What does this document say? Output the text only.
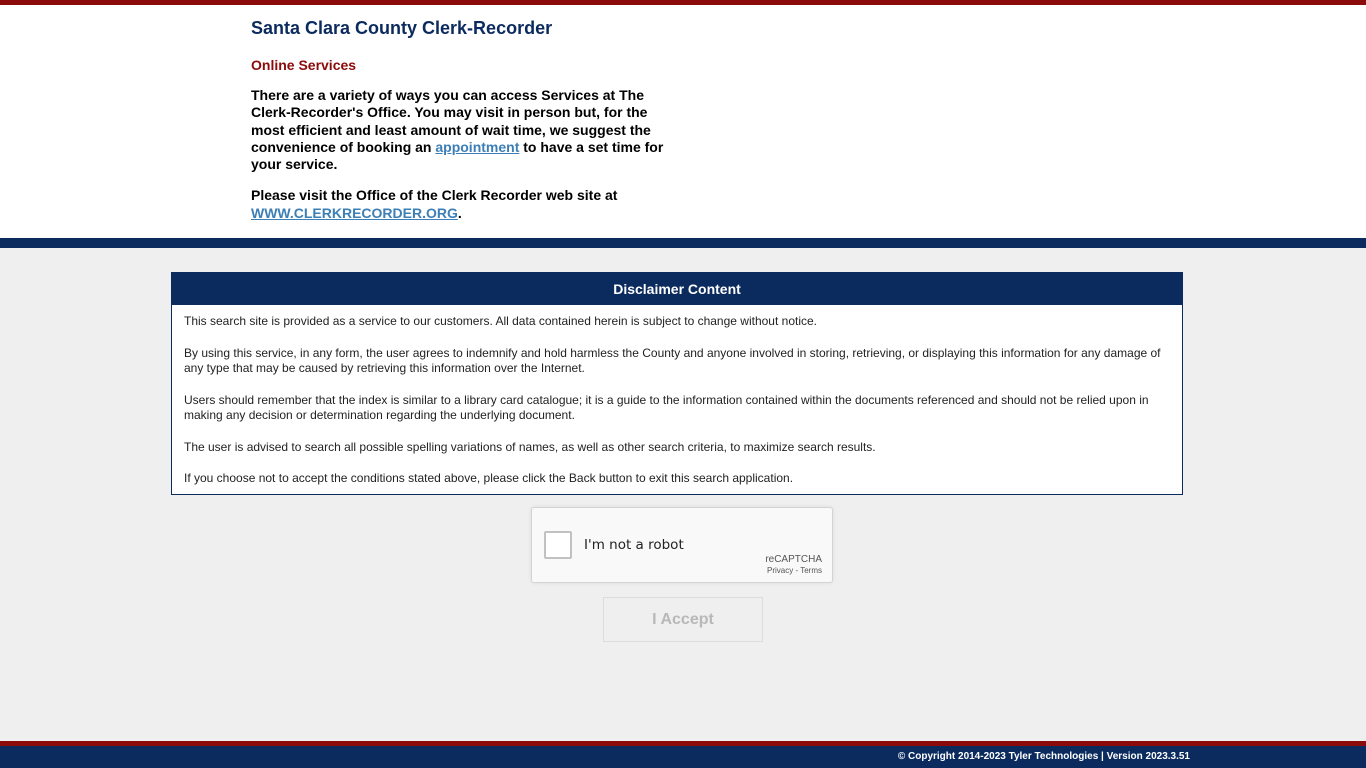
Santa Clara County Clerk-Recorder
Online Services
There are a variety of ways you can access Services at The Clerk-Recorder's Office. You may visit in person but, for the most efficient and least amount of wait time, we suggest the convenience of booking an appointment to have a set time for your service.
Please visit the Office of the Clerk Recorder web site at WWW.CLERKRECORDER.ORG.
Disclaimer Content

This search site is provided as a service to our customers. All data contained herein is subject to change without notice.

By using this service, in any form, the user agrees to indemnify and hold harmless the County and anyone involved in storing, retrieving, or displaying this information for any damage of any type that may be caused by retrieving this information over the Internet.

Users should remember that the index is similar to a library card catalogue; it is a guide to the information contained within the documents referenced and should not be relied upon in making any decision or determination regarding the underlying document.

The user is advised to search all possible spelling variations of names, as well as other search criteria, to maximize search results.

If you choose not to accept the conditions stated above, please click the Back button to exit this search application.

I'm not a robot
reCAPTCHA
Privacy - Terms
I Accept
© Copyright 2014-2023 Tyler Technologies | Version 2023.3.51
